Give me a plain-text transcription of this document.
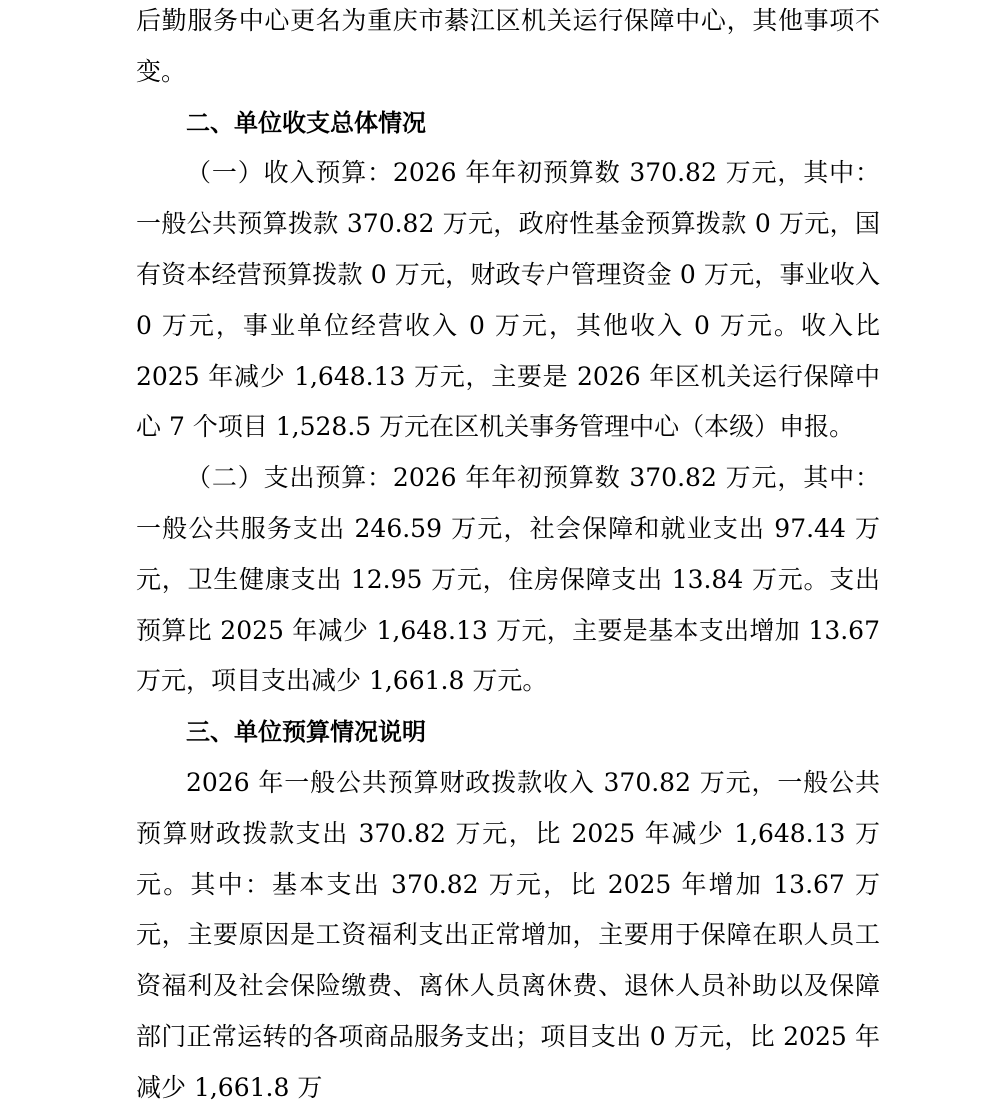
后勤服务中心更名为重庆市綦江区机关运行保障中心，其他事项不变。

二、单位收支总体情况

（一）收入预算：2026 年年初预算数 370.82 万元，其中：一般公共预算拨款 370.82 万元，政府性基金预算拨款 0 万元，国有资本经营预算拨款 0 万元，财政专户管理资金 0 万元，事业收入 0 万元，事业单位经营收入 0 万元，其他收入 0 万元。收入比 2025 年减少 1,648.13 万元，主要是 2026 年区机关运行保障中心 7 个项目 1,528.5 万元在区机关事务管理中心（本级）申报。

（二）支出预算：2026 年年初预算数 370.82 万元，其中：一般公共服务支出 246.59 万元，社会保障和就业支出 97.44 万元，卫生健康支出 12.95 万元，住房保障支出 13.84 万元。支出预算比 2025 年减少 1,648.13 万元，主要是基本支出增加 13.67 万元，项目支出减少 1,661.8 万元。

三、单位预算情况说明

2026 年一般公共预算财政拨款收入 370.82 万元，一般公共预算财政拨款支出 370.82 万元，比 2025 年减少 1,648.13 万元。其中：基本支出 370.82 万元，比 2025 年增加 13.67 万元，主要原因是工资福利支出正常增加，主要用于保障在职人员工资福利及社会保险缴费、离休人员离休费、退休人员补助以及保障部门正常运转的各项商品服务支出；项目支出 0 万元，比 2025 年减少 1,661.8 万
